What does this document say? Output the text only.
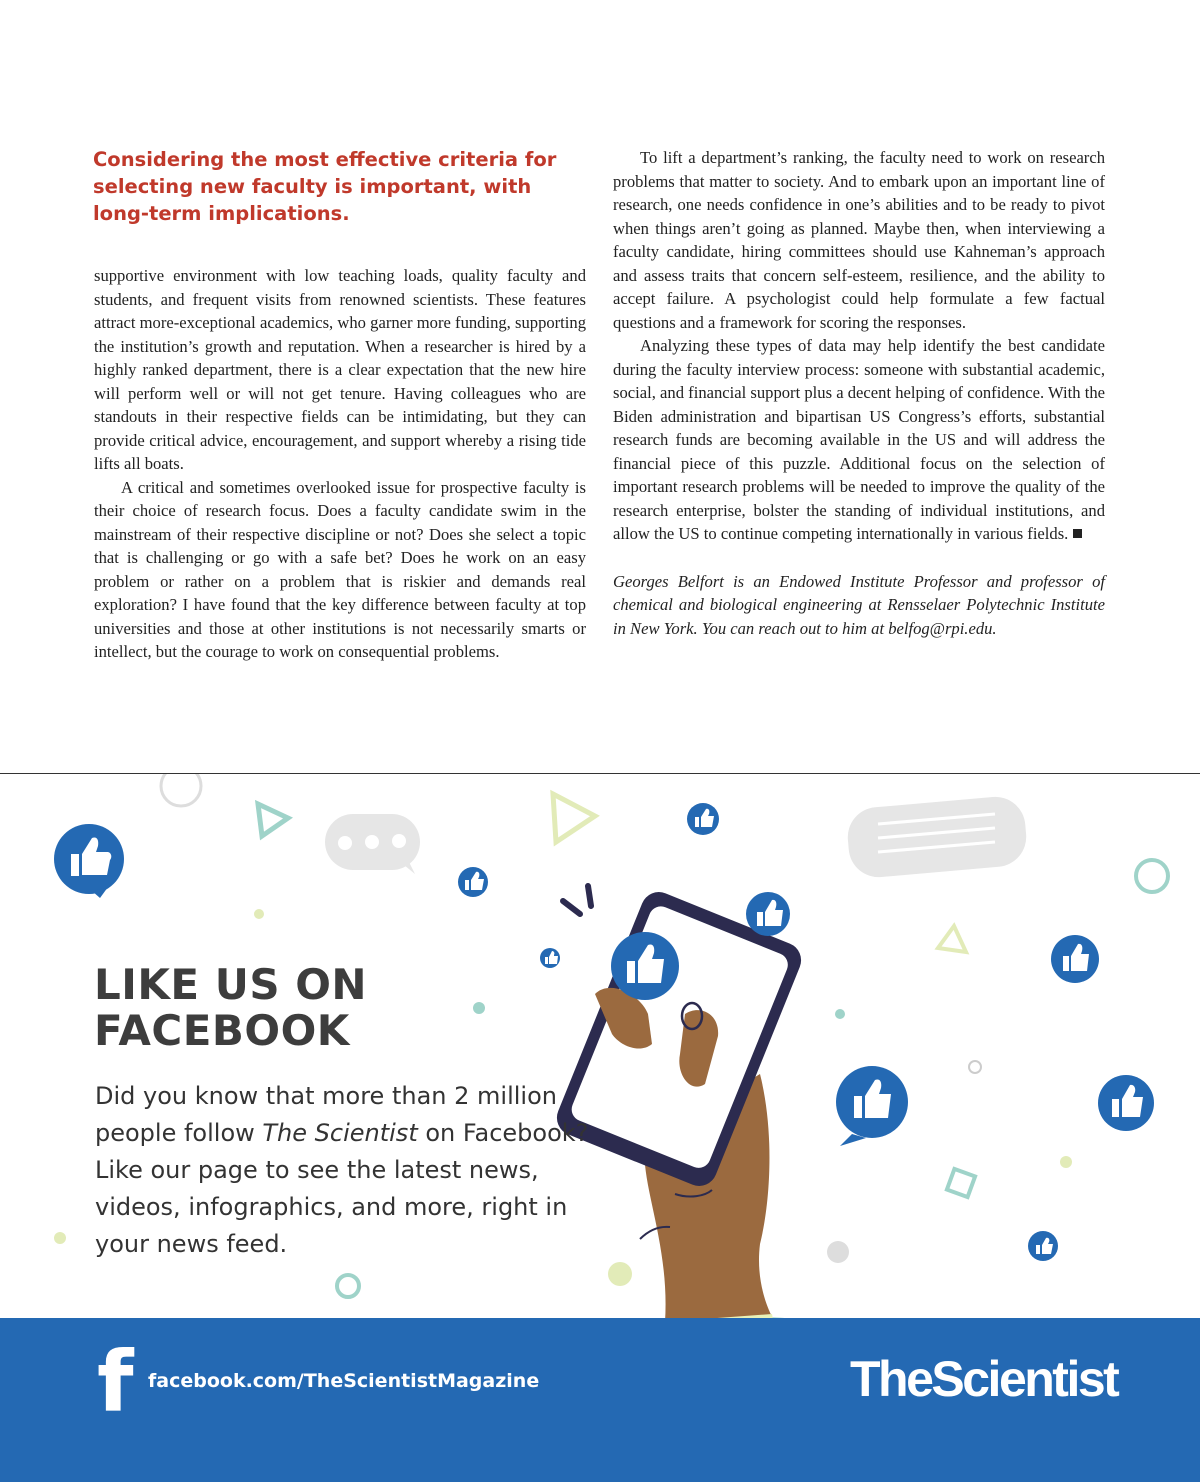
Considering the most effective criteria for selecting new faculty is important, with long-term implications.

supportive environment with low teaching loads, quality faculty and students, and frequent visits from renowned scientists. These features attract more-exceptional academics, who garner more funding, supporting the institution’s growth and reputation. When a researcher is hired by a highly ranked department, there is a clear expectation that the new hire will perform well or will not get tenure. Having colleagues who are standouts in their respective fields can be intimidating, but they can provide critical advice, encouragement, and support whereby a rising tide lifts all boats.

A critical and sometimes overlooked issue for prospective faculty is their choice of research focus. Does a faculty candidate swim in the mainstream of their respective discipline or not? Does she select a topic that is challenging or go with a safe bet? Does he work on an easy problem or rather on a problem that is riskier and demands real exploration? I have found that the key difference between faculty at top universities and those at other institutions is not necessarily smarts or intellect, but the courage to work on consequential problems.

To lift a department’s ranking, the faculty need to work on research problems that matter to society. And to embark upon an important line of research, one needs confidence in one’s abilities and to be ready to pivot when things aren’t going as planned. Maybe then, when interviewing a faculty candidate, hiring committees should use Kahneman’s approach and assess traits that concern self-esteem, resilience, and the ability to accept failure. A psychologist could help formulate a few factual questions and a framework for scoring the responses.

Analyzing these types of data may help identify the best candidate during the faculty interview process: someone with substantial academic, social, and financial support plus a decent helping of confidence. With the Biden administration and bipartisan US Congress’s efforts, substantial research funds are becoming available in the US and will address the financial piece of this puzzle. Additional focus on the selection of important research problems will be needed to improve the quality of the research enterprise, bolster the standing of individual institutions, and allow the US to continue competing internationally in various fields.

Georges Belfort is an Endowed Institute Professor and professor of chemical and biological engineering at Rensselaer Polytechnic Institute in New York. You can reach out to him at belfog@rpi.edu.

LIKE US ON
FACEBOOK
Did you know that more than 2 million people follow The Scientist on Facebook? Like our page to see the latest news, videos, infographics, and more, right in your news feed.
f facebook.com/TheScientistMagazine	TheScientist
